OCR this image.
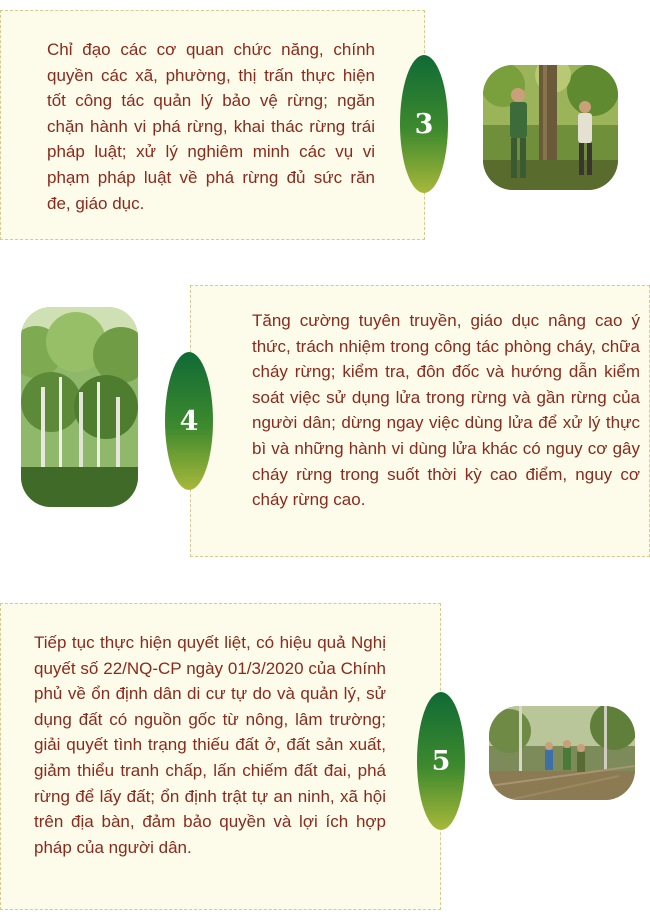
Chỉ đạo các cơ quan chức năng, chính quyền các xã, phường, thị trấn thực hiện tốt công tác quản lý bảo vệ rừng; ngăn chặn hành vi phá rừng, khai thác rừng trái pháp luật; xử lý nghiêm minh các vụ vi phạm pháp luật về phá rừng đủ sức răn đe, giáo dục.

3

Tăng cường tuyên truyền, giáo dục nâng cao ý thức, trách nhiệm trong công tác phòng cháy, chữa cháy rừng; kiểm tra, đôn đốc và hướng dẫn kiểm soát việc sử dụng lửa trong rừng và gần rừng của người dân; dừng ngay việc dùng lửa để xử lý thực bì và những hành vi dùng lửa khác có nguy cơ gây cháy rừng trong suốt thời kỳ cao điểm, nguy cơ cháy rừng cao.

4

Tiếp tục thực hiện quyết liệt, có hiệu quả Nghị quyết số 22/NQ-CP ngày 01/3/2020 của Chính phủ về ổn định dân di cư tự do và quản lý, sử dụng đất có nguồn gốc từ nông, lâm trường; giải quyết tình trạng thiếu đất ở, đất sản xuất, giảm thiểu tranh chấp, lấn chiếm đất đai, phá rừng để lấy đất; ổn định trật tự an ninh, xã hội trên địa bàn, đảm bảo quyền và lợi ích hợp pháp của người dân.

5
